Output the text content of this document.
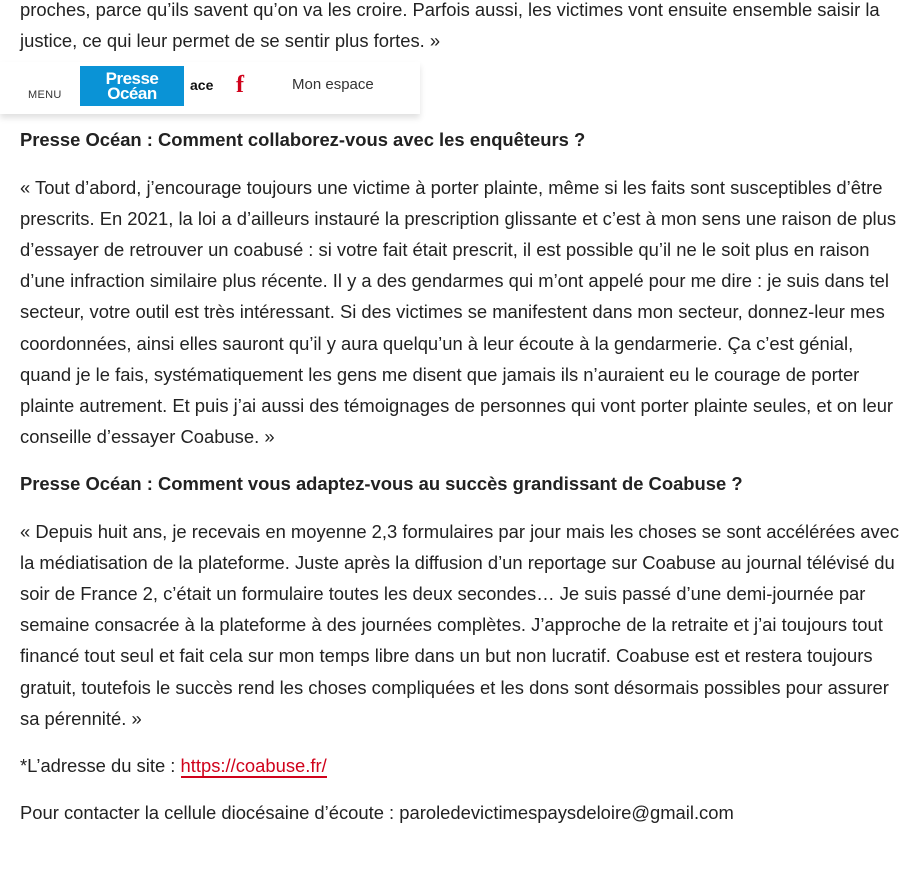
proches, parce qu’ils savent qu’on va les croire. Parfois aussi, les victimes vont ensuite ensemble saisir la justice, ce qui leur permet de se sentir plus fortes. »

MENU
Presse
Océan	ace f	Mon espace

Presse Océan : Comment collaborez-vous avec les enquêteurs ?

« Tout d’abord, j’encourage toujours une victime à porter plainte, même si les faits sont susceptibles d’être prescrits. En 2021, la loi a d’ailleurs instauré la prescription glissante et c’est à mon sens une raison de plus d’essayer de retrouver un coabusé : si votre fait était prescrit, il est possible qu’il ne le soit plus en raison d’une infraction similaire plus récente. Il y a des gendarmes qui m’ont appelé pour me dire : je suis dans tel secteur, votre outil est très intéressant. Si des victimes se manifestent dans mon secteur, donnez-leur mes coordonnées, ainsi elles sauront qu’il y aura quelqu’un à leur écoute à la gendarmerie. Ça c’est génial, quand je le fais, systématiquement les gens me disent que jamais ils n’auraient eu le courage de porter plainte autrement. Et puis j’ai aussi des témoignages de personnes qui vont porter plainte seules, et on leur conseille d’essayer Coabuse. »

Presse Océan : Comment vous adaptez-vous au succès grandissant de Coabuse ?

« Depuis huit ans, je recevais en moyenne 2,3 formulaires par jour mais les choses se sont accélérées avec la médiatisation de la plateforme. Juste après la diffusion d’un reportage sur Coabuse au journal télévisé du soir de France 2, c’était un formulaire toutes les deux secondes… Je suis passé d’une demi-journée par semaine consacrée à la plateforme à des journées complètes. J’approche de la retraite et j’ai toujours tout financé tout seul et fait cela sur mon temps libre dans un but non lucratif. Coabuse est et restera toujours gratuit, toutefois le succès rend les choses compliquées et les dons sont désormais possibles pour assurer sa pérennité. »

*L’adresse du site : https://coabuse.fr/

Pour contacter la cellule diocésaine d’écoute : paroledevictimespaysdeloire@gmail.com
